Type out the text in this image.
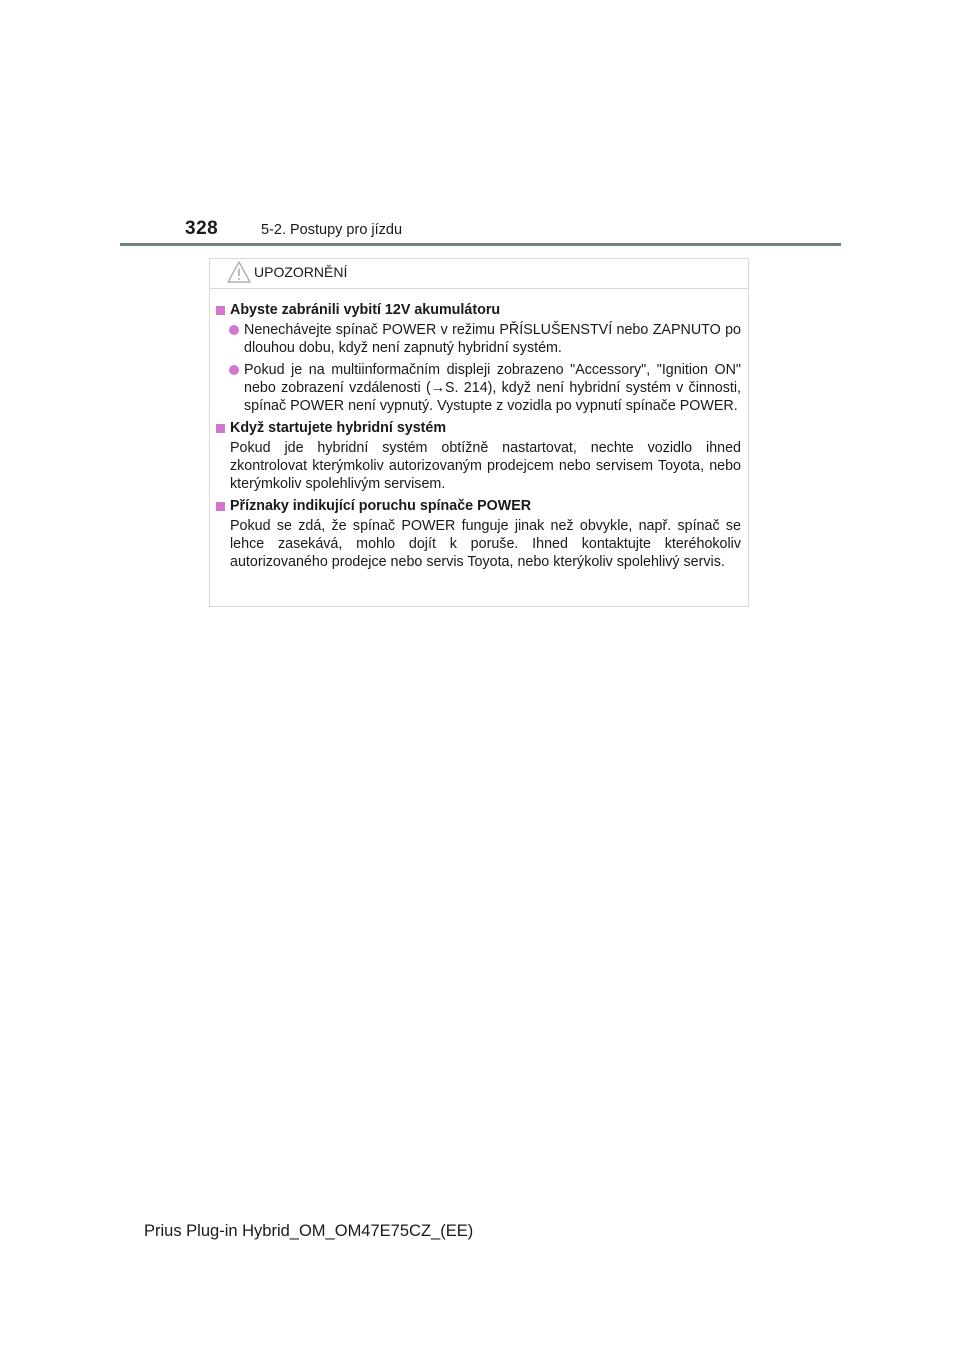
328	5-2. Postupy pro jízdu
UPOZORNĚNÍ
Abyste zabránili vybití 12V akumulátoru
Nenechávejte spínač POWER v režimu PŘÍSLUŠENSTVÍ nebo ZAPNUTO po dlouhou dobu, když není zapnutý hybridní systém.
Pokud je na multiinformačním displeji zobrazeno "Accessory", "Ignition ON" nebo zobrazení vzdálenosti (→S. 214), když není hybridní systém v činnosti, spínač POWER není vypnutý. Vystupte z vozidla po vypnutí spínače POWER.
Když startujete hybridní systém
Pokud jde hybridní systém obtížně nastartovat, nechte vozidlo ihned zkontrolovat kterýmkoliv autorizovaným prodejcem nebo servisem Toyota, nebo kterýmkoliv spolehlivým servisem.
Příznaky indikující poruchu spínače POWER
Pokud se zdá, že spínač POWER funguje jinak než obvykle, např. spínač se lehce zasekává, mohlo dojít k poruše. Ihned kontaktujte kteréhokoliv autorizovaného prodejce nebo servis Toyota, nebo kterýkoliv spolehlivý servis.
Prius Plug-in Hybrid_OM_OM47E75CZ_(EE)
